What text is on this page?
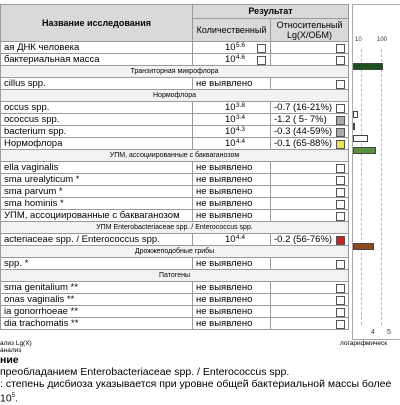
Название исследования	Результат	
	Количественный	Относительный
Lg(X/ОБМ)
ая ДНК человека	10 5.6	

бактериальная масса	10 4.6	

Транзиторная микрофлора		
cillus spp.	не выявлено	

Нормофлора		
occus spp.	10 3.8	-0.7 (16-21%)

ococcus spp.	10 3.4	-1.2 ( 5- 7%)

bacterium spp.	10 4.3	-0.3 (44-59%)

Нормофлора	10 4.4	-0.1 (65-88%)

УПМ, ассоциированные с бакваганозом		
ella vaginalis	не выявлено	

sma urealyticum *	не выявлено	

sma parvum *	не выявлено	

sma hominis *	не выявлено	

УПМ, ассоциированные с бакваганозом	не выявлено	

УПМ Enterobacteriaceae spp. / Enterococcus spp.		
acteriaceae spp. / Enterococcus spp.	10 4.4	-0.2 (56-76%)

Дрожжеподобные грибы		
spp. *	не выявлено	

Патогены		
sma genitalium **	не выявлено	

onas vaginalis **	не выявлено	

ia gonorrhoeae **	не выявлено	

dia trachomatis **	не выявлено	
10	100
4 5
ализ Lg(X)	логарифмическ
анализ
ние
преобладанием Enterobacteriaceae spp. / Enterococcus spp.
: степень дисбиоза указывается при уровне общей бактериальной массы более $10^5$.
